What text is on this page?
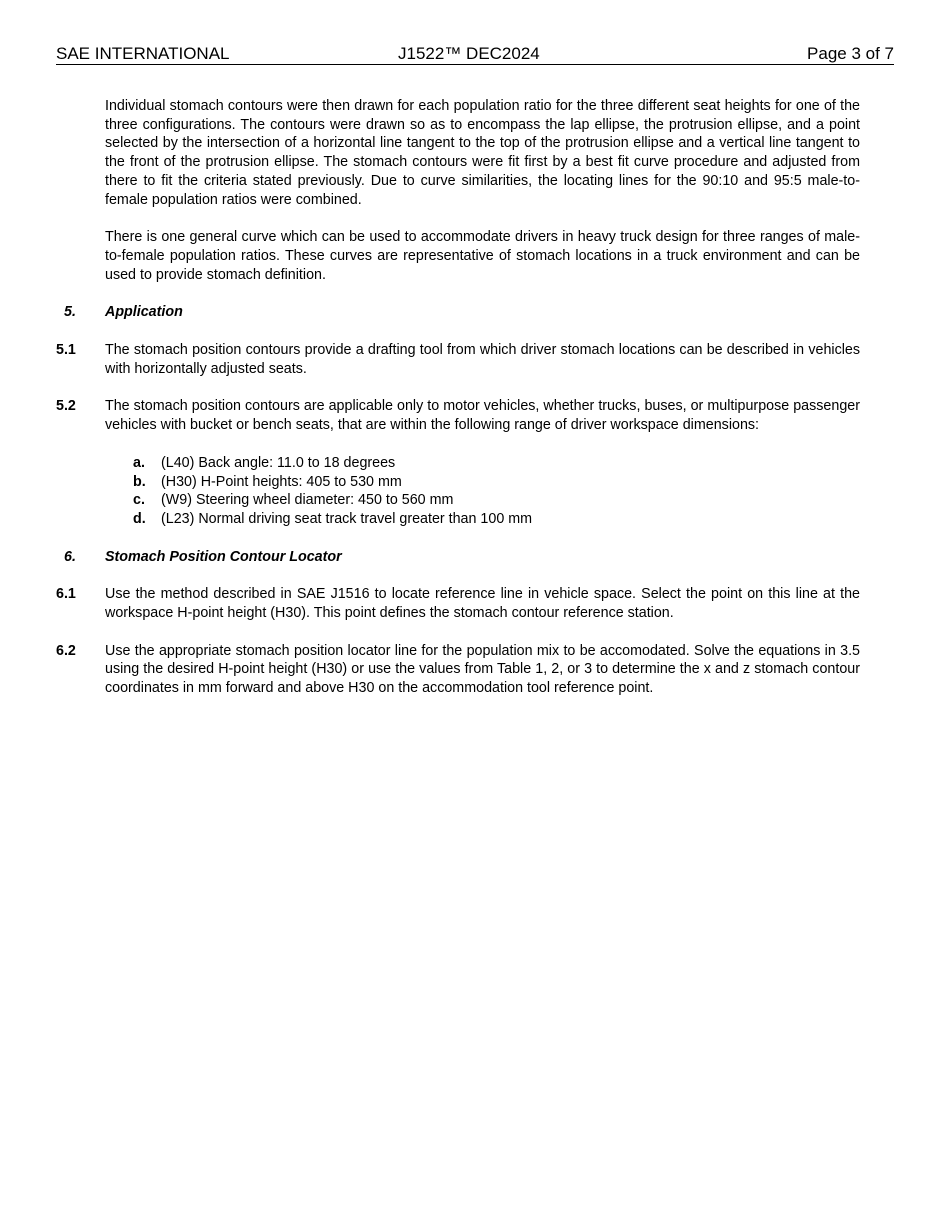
SAE INTERNATIONAL	J1522™ DEC2024	Page 3 of 7

Individual stomach contours were then drawn for each population ratio for the three different seat heights for one of the three configurations. The contours were drawn so as to encompass the lap ellipse, the protrusion ellipse, and a point selected by the intersection of a horizontal line tangent to the top of the protrusion ellipse and a vertical line tangent to the front of the protrusion ellipse. The stomach contours were fit first by a best fit curve procedure and adjusted from there to fit the criteria stated previously. Due to curve similarities, the locating lines for the 90:10 and 95:5 male-to-female population ratios were combined.

There is one general curve which can be used to accommodate drivers in heavy truck design for three ranges of male-to-female population ratios. These curves are representative of stomach locations in a truck environment and can be used to provide stomach definition.

5.	Application
5.1	The stomach position contours provide a drafting tool from which driver stomach locations can be described in vehicles with horizontally adjusted seats.
5.2	The stomach position contours are applicable only to motor vehicles, whether trucks, buses, or multipurpose passenger vehicles with bucket or bench seats, that are within the following range of driver workspace dimensions:
a.	(L40) Back angle: 11.0 to 18 degrees
b.	(H30) H-Point heights: 405 to 530 mm
c.	(W9) Steering wheel diameter: 450 to 560 mm
d.	(L23) Normal driving seat track travel greater than 100 mm
6.	Stomach Position Contour Locator
6.1	Use the method described in SAE J1516 to locate reference line in vehicle space. Select the point on this line at the workspace H-point height (H30). This point defines the stomach contour reference station.
6.2	Use the appropriate stomach position locator line for the population mix to be accomodated. Solve the equations in 3.5 using the desired H-point height (H30) or use the values from Table 1, 2, or 3 to determine the x and z stomach contour coordinates in mm forward and above H30 on the accommodation tool reference point.
